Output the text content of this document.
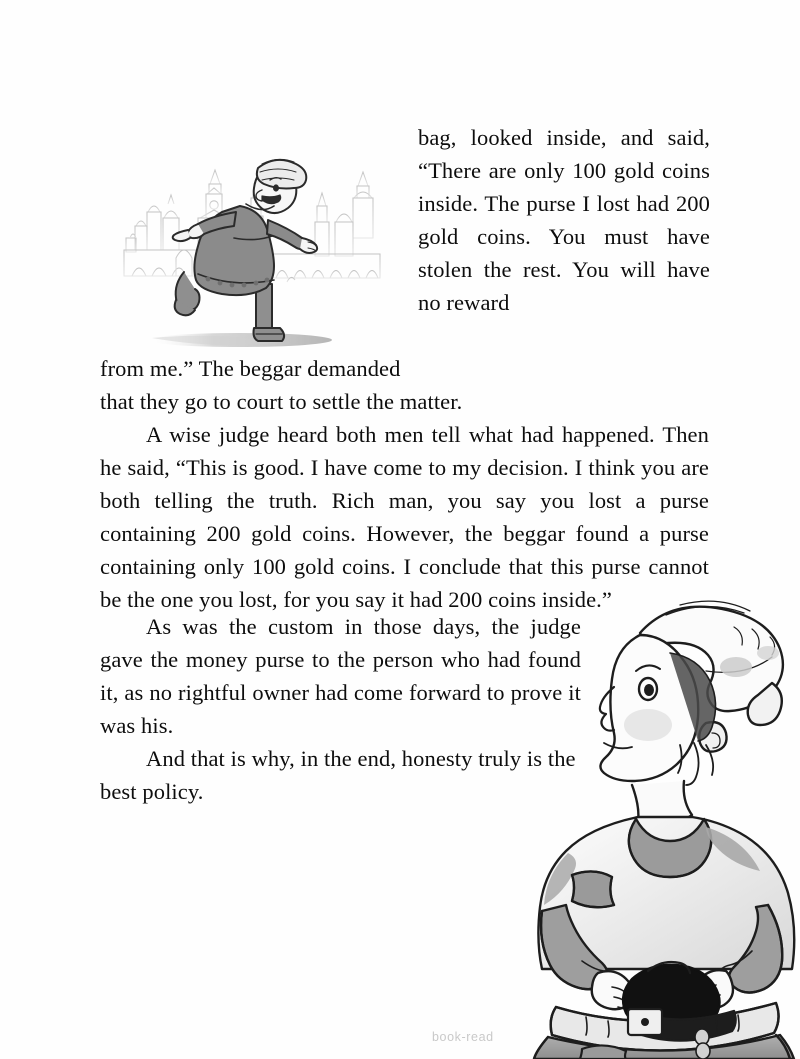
bag, looked inside, and said, “There are only 100 gold coins inside. The purse I lost had 200 gold coins. You must have stolen the rest. You will have no reward

from me.” The beggar demanded

that they go to court to settle the matter.

A wise judge heard both men tell what had happened. Then he said, “This is good. I have come to my decision. I think you are both telling the truth. Rich man, you say you lost a purse containing 200 gold coins. However, the beggar found a purse containing only 100 gold coins. I conclude that this purse cannot be the one you lost, for you say it had 200 coins inside.”

As was the custom in those days, the judge gave the money purse to the person who had found it, as no rightful owner had come forward to prove it was his.

And that is why, in the end, honesty truly is the best policy.

book-read
